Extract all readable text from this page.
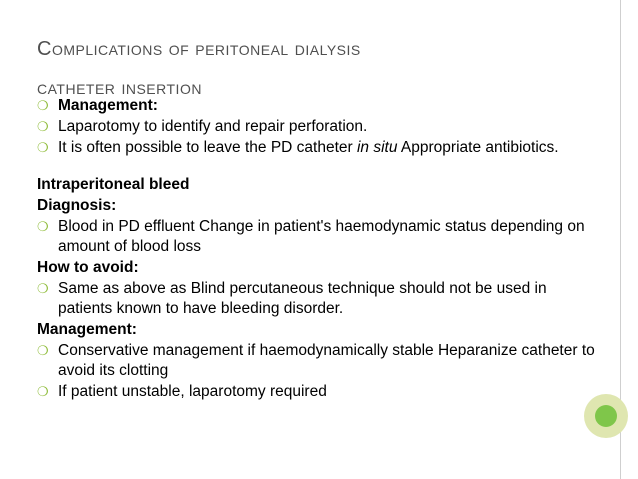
Complications of peritoneal dialysis
catheter insertion
❍ Management:
❍ Laparotomy to identify and repair perforation.
❍ It is often possible to leave the PD catheter in situ Appropriate antibiotics.
Intraperitoneal bleed
Diagnosis:
❍ Blood in PD effluent Change in patient's haemodynamic status depending on amount of blood loss
How to avoid:
❍ Same as above as Blind percutaneous technique should not be used in patients known to have bleeding disorder.
Management:
❍ Conservative management if haemodynamically stable Heparanize catheter to avoid its clotting
❍ If patient unstable, laparotomy required
